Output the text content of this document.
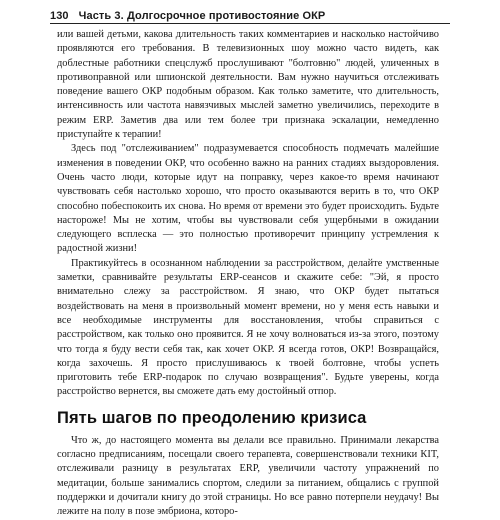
130 Часть 3. Долгосрочное противостояние ОКР

или вашей детьми, какова длительность таких комментариев и насколько настойчиво проявляются его требования. В телевизионных шоу можно часто видеть, как доблестные работники спецслужб прослушивают "болтовню" людей, уличенных в противоправной или шпионской деятельности. Вам нужно научиться отслеживать поведение вашего ОКР подобным образом. Как только заметите, что длительность, интенсивность или частота навязчивых мыслей заметно увеличились, переходите в режим ERP. Заметив два или тем более три признака эскалации, немедленно приступайте к терапии!

Здесь под "отслеживанием" подразумевается способность подмечать малейшие изменения в поведении ОКР, что особенно важно на ранних стадиях выздоровления. Очень часто люди, которые идут на поправку, через какое-то время начинают чувствовать себя настолько хорошо, что просто оказываются верить в то, что ОКР способно побеспокоить их снова. Но время от времени это будет происходить. Будьте настороже! Мы не хотим, чтобы вы чувствовали себя ущербными в ожидании следующего всплеска — это полностью противоречит принципу устремления к радостной жизни!

Практикуйтесь в осознанном наблюдении за расстройством, делайте умственные заметки, сравнивайте результаты ERP-сеансов и скажите себе: "Эй, я просто внимательно слежу за расстройством. Я знаю, что ОКР будет пытаться воздействовать на меня в произвольный момент времени, но у меня есть навыки и все необходимые инструменты для восстановления, чтобы справиться с расстройством, как только оно проявится. Я не хочу волноваться из-за этого, поэтому что тогда я буду вести себя так, как хочет ОКР. Я всегда готов, ОКР! Возвращайся, когда захочешь. Я просто прислушиваюсь к твоей болтовне, чтобы успеть приготовить тебе ERP-подарок по случаю возвращения". Будьте уверены, когда расстройство вернется, вы сможете дать ему достойный отпор.

Пять шагов по преодолению кризиса

Что ж, до настоящего момента вы делали все правильно. Принимали лекарства согласно предписаниям, посещали своего терапевта, совершенствовали техники КIT, отслеживали разницу в результатах ERP, увеличили частоту упражнений по медитации, больше занимались спортом, следили за питанием, общались с группой поддержки и дочитали книгу до этой страницы. Но все равно потерпели неудачу! Вы лежите на полу в позе эмбриона, которо-
